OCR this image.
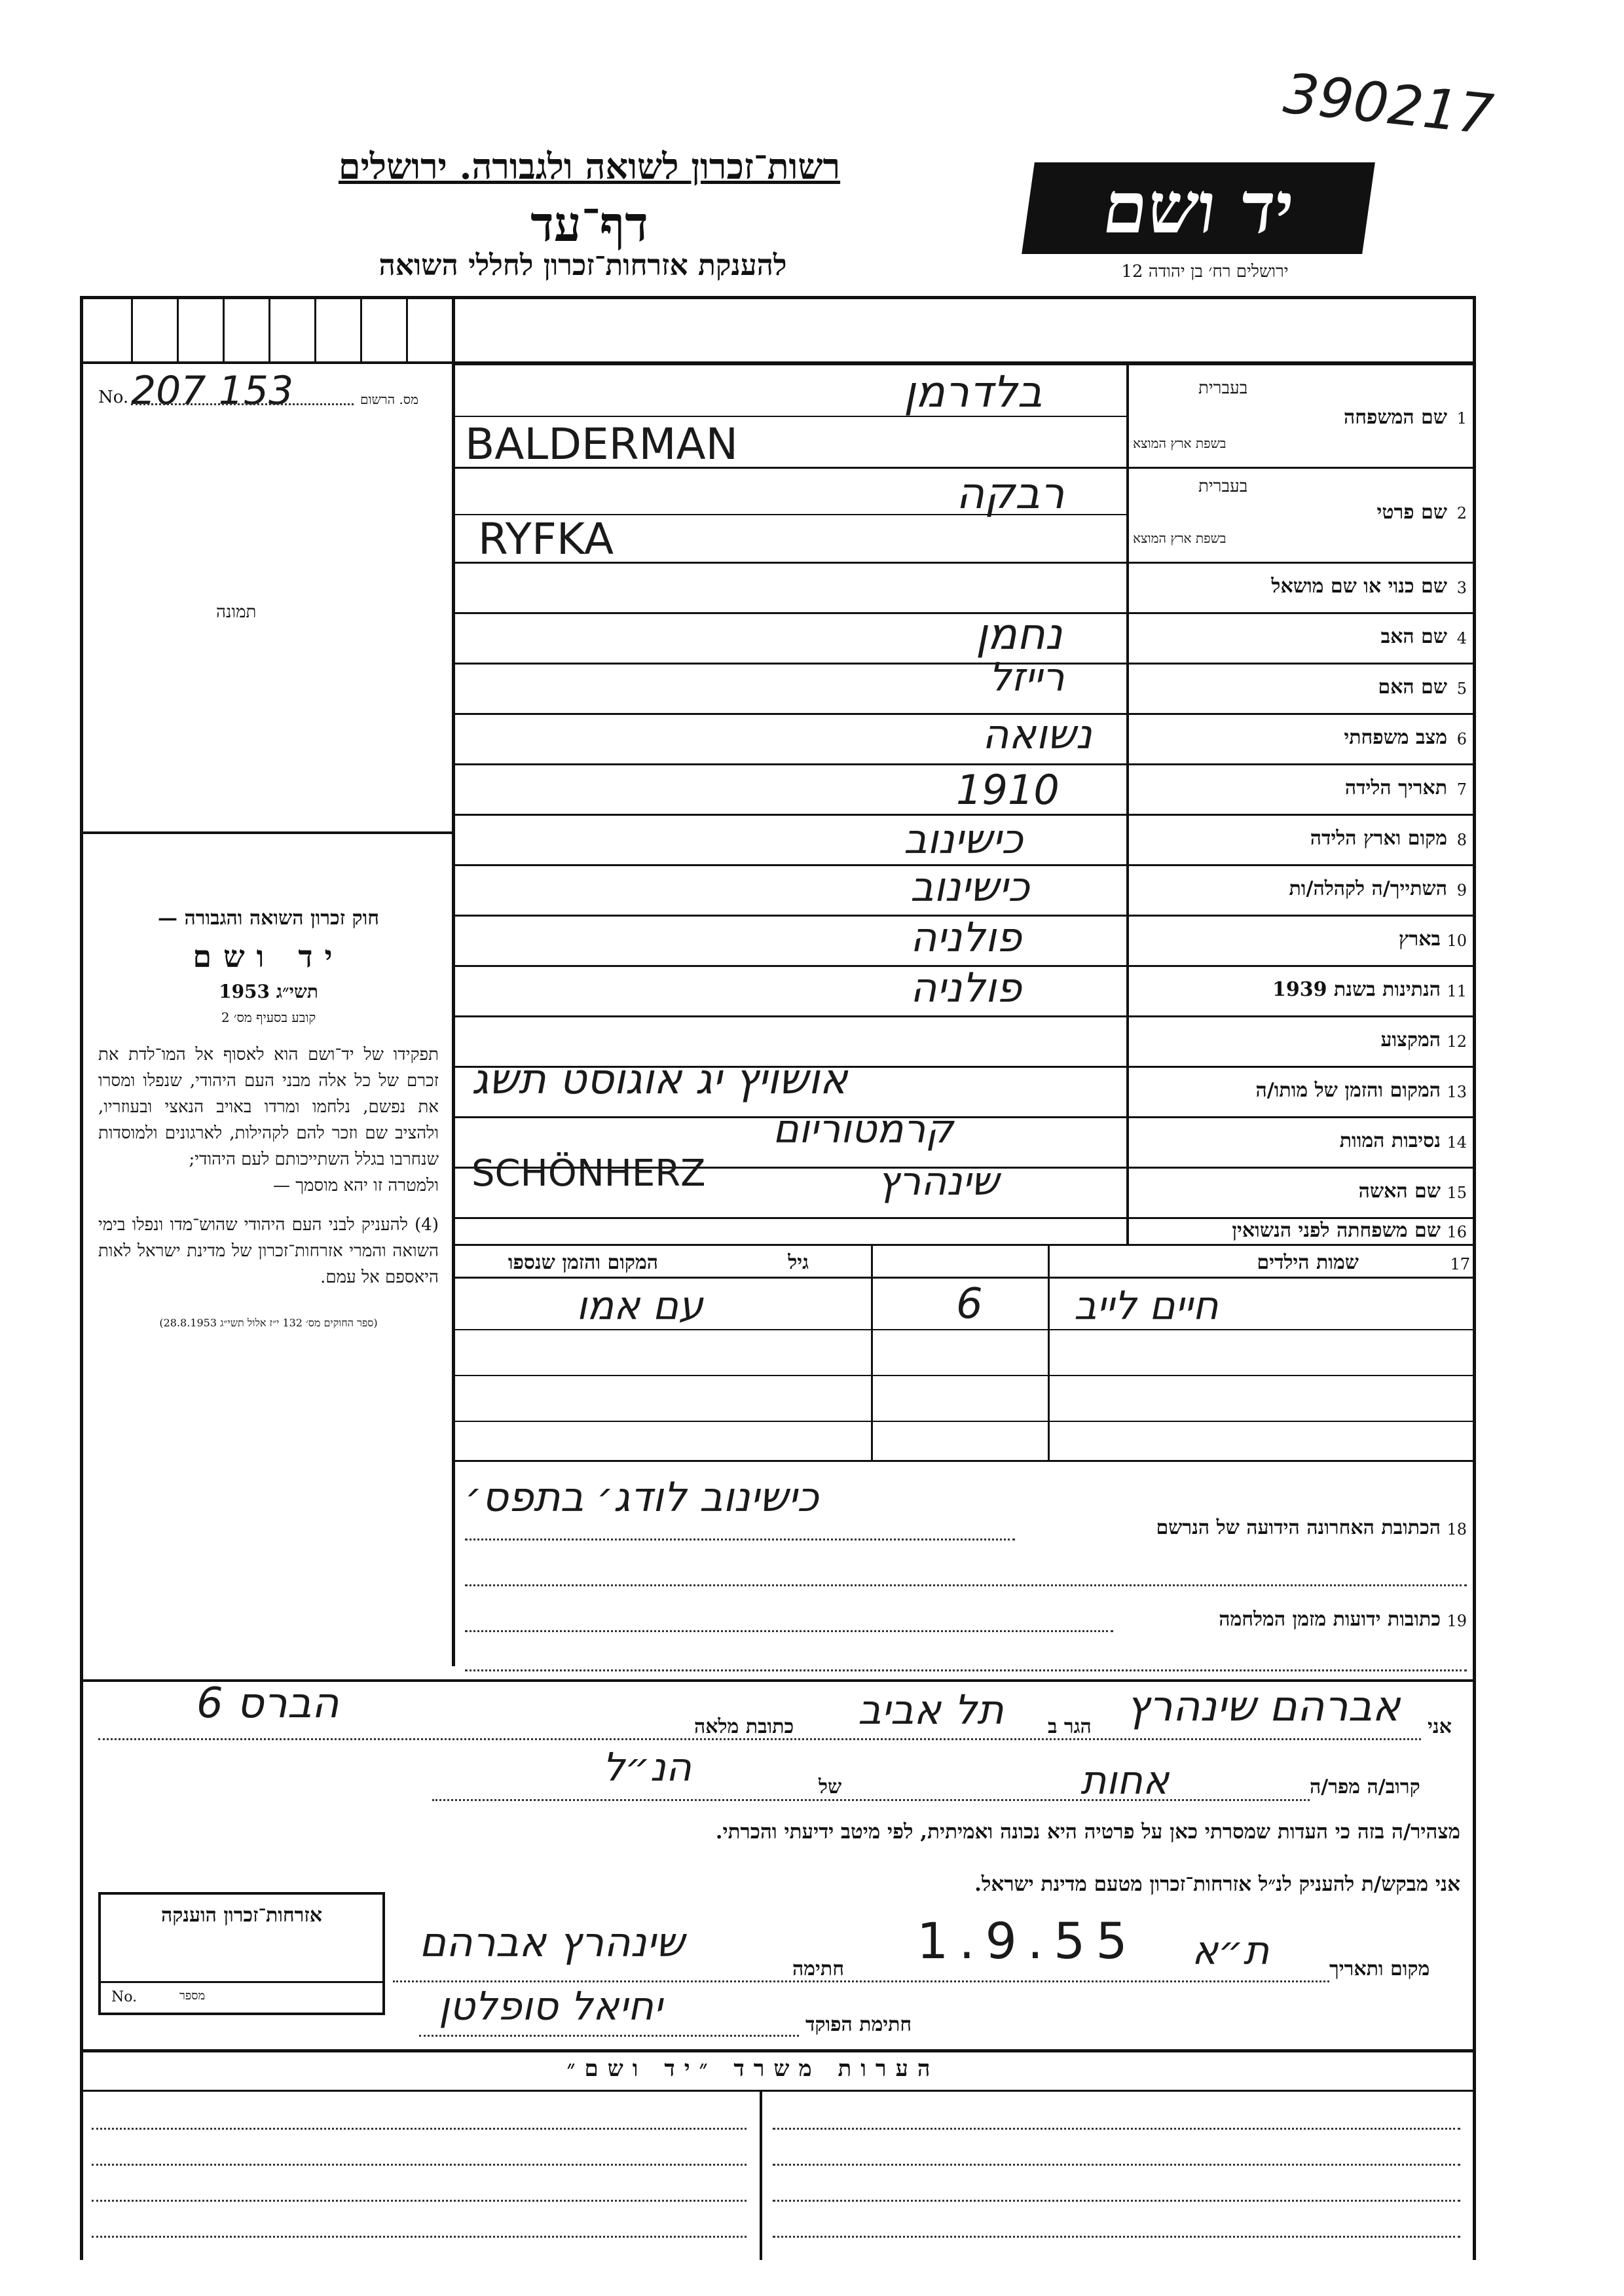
390217
רשות־זכרון לשואה ולגבורה. ירושלים
דף־עד
להענקת אזרחות־זכרון לחללי השואה
יד ושם
ירושלים רח׳ בן יהודה 12
No. 207 153	מס. הרשום
תמונה
חוק זכרון השואה והגבורה —
יד ושם
תשי״ג 1953
קובע בסעיף מס׳ 2
תפקידו של יד־ושם הוא לאסוף אל המו־לדת את זכרם של כל אלה מבני העם היהודי, שנפלו ומסרו את נפשם, נלחמו ומרדו באויב הנאצי ובעוזריו, ולהציב שם וזכר להם לקהילות, לארגונים ולמוסדות שנחרבו בגלל השתייכותם לעם היהודי;
ולמטרה זו יהא מוסמך —
(4) להעניק לבני העם היהודי שהוש־מדו ונפלו בימי השואה והמרי אזרחות־זכרון של מדינת ישראל לאות היאספם אל עמם.
(ספר החוקים מס׳ 132 י״ז אלול תשי״ג 28.8.1953)
1
שם המשפחה
בעברית
בשפת ארץ המוצא
בלדרמן
BALDERMAN
2
שם פרטי
בעברית
בשפת ארץ המוצא
רבקה
RYFKA
3
שם כנוי או שם מושאל
4
שם האב
נחמן
5
שם האם
רייזל
6
מצב משפחתי
נשואה
7
תאריך הלידה
1910
8
מקום וארץ הלידה
כישינוב
9
השתייך/ה לקהלה/ות
כישינוב
10
בארץ
פולניה
11
הנתינות בשנת 1939
פולניה
12
המקצוע
13
המקום והזמן של מותו/ה
אושויץ יג אוגוסט תשג
14
נסיבות המוות
קרמטוריום
15
שם האשה
SCHÖNHERZ	שינהרץ
16
שם משפחתה לפני הנשואין
17
שמות הילדים
גיל
המקום והזמן שנספו
חיים לייב
6
עם אמו
18
הכתובת האחרונה הידועה של הנרשם
כישינוב לודג׳ בתפס׳
19
כתובות ידועות מזמן המלחמה
אני
אברהם שינהרץ
הגר ב
תל אביב
כתובת מלאה
הברס 6
קרוב/ה מפר/ה
אחות
של
הנ״ל
מצהיר/ה בזה כי העדות שמסרתי כאן על פרטיה היא נכונה ואמיתית, לפי מיטב ידיעתי והכרתי.
אני מבקש/ת להעניק לנ״ל אזרחות־זכרון מטעם מדינת ישראל.
מקום ותאריך
ת״א
1.9.55
חתימה
שינהרץ אברהם
חתימת הפוקד
יחיאל סופלטן
אזרחות־זכרון הוענקה
No.	מספר
הערות משרד ״יד ושם״
